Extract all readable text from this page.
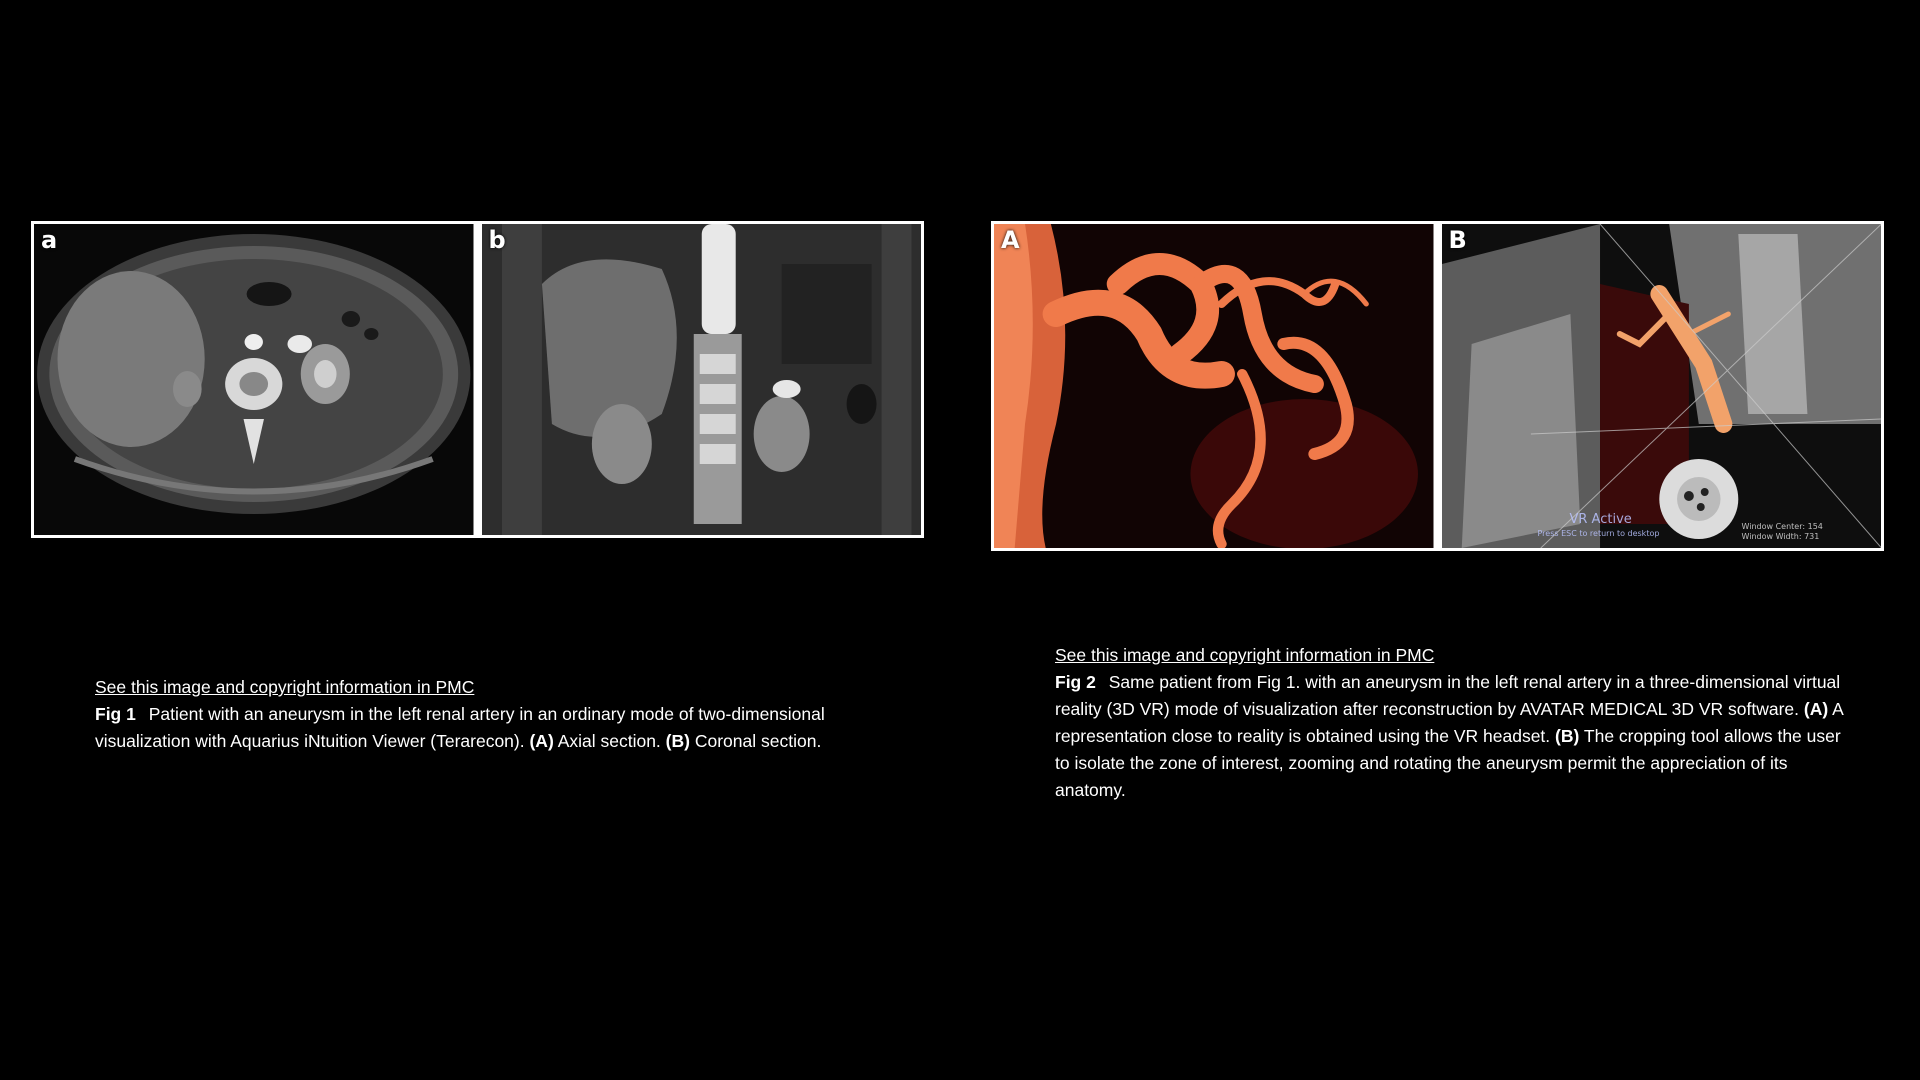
a	b	A	B
VR Active
Press ESC to return to desktop
Window Center: 154
Window Width: 731
See this image and copyright information in PMC
Fig 1 Patient with an aneurysm in the left renal artery in an ordinary mode of two-dimensional visualization with Aquarius iNtuition Viewer (Terarecon). (A) Axial section. (B) Coronal section.
See this image and copyright information in PMC
Fig 2 Same patient from Fig 1. with an aneurysm in the left renal artery in a three-dimensional virtual reality (3D VR) mode of visualization after reconstruction by AVATAR MEDICAL 3D VR software. (A) A representation close to reality is obtained using the VR headset. (B) The cropping tool allows the user to isolate the zone of interest, zooming and rotating the aneurysm permit the appreciation of its anatomy.
